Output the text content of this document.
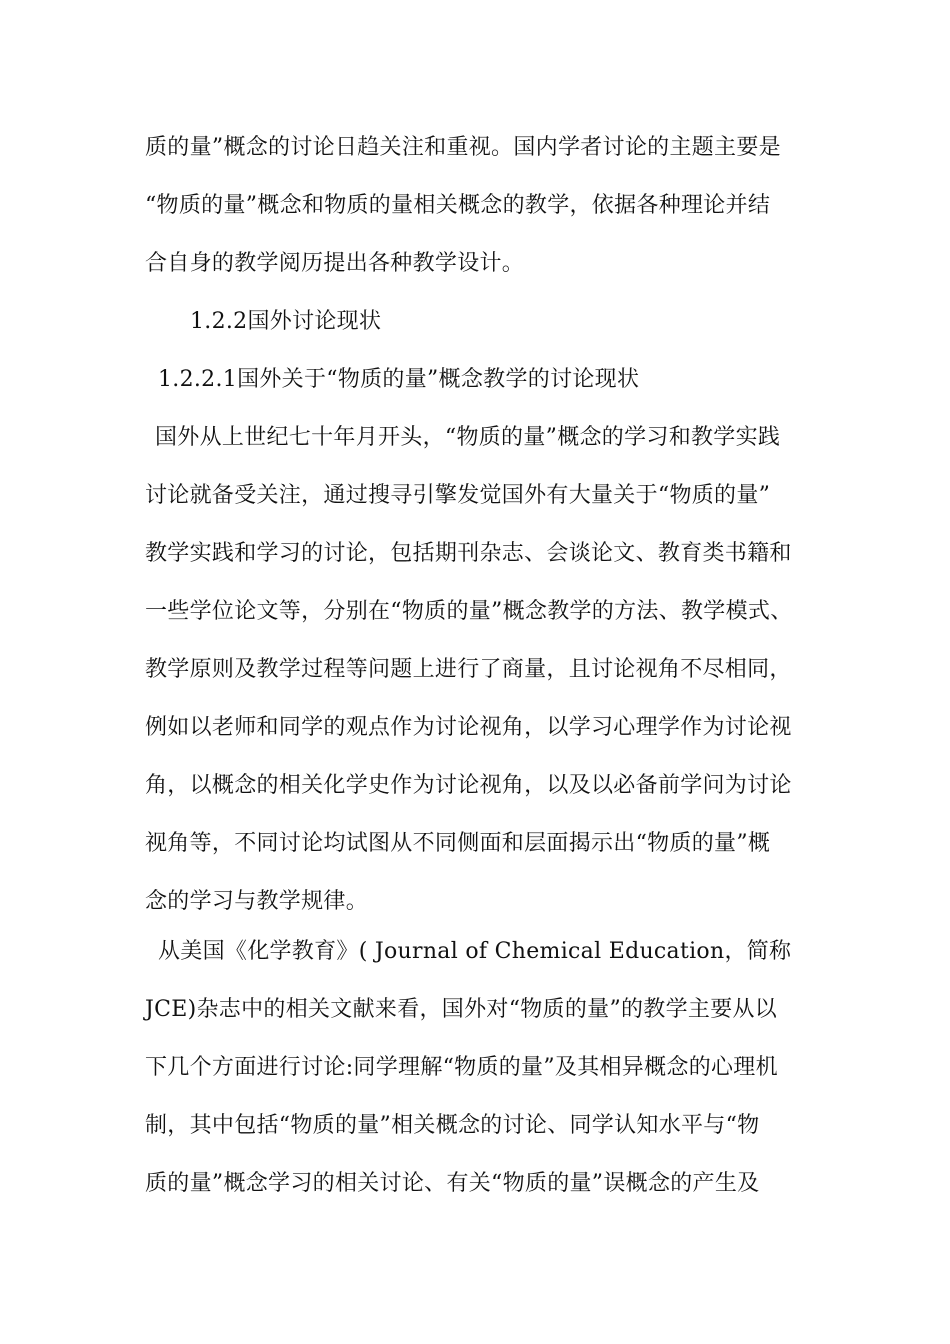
质的量”概念的讨论日趋关注和重视。国内学者讨论的主题主要是
“物质的量”概念和物质的量相关概念的教学，依据各种理论并结
合自身的教学阅历提出各种教学设计。
1.2.2国外讨论现状
1.2.2.1国外关于“物质的量”概念教学的讨论现状
国外从上世纪七十年月开头，“物质的量”概念的学习和教学实践
讨论就备受关注，通过搜寻引擎发觉国外有大量关于“物质的量”
教学实践和学习的讨论，包括期刊杂志、会谈论文、教育类书籍和
一些学位论文等，分别在“物质的量”概念教学的方法、教学模式、
教学原则及教学过程等问题上进行了商量，且讨论视角不尽相同，
例如以老师和同学的观点作为讨论视角，以学习心理学作为讨论视
角，以概念的相关化学史作为讨论视角，以及以必备前学问为讨论
视角等，不同讨论均试图从不同侧面和层面揭示出“物质的量”概
念的学习与教学规律。
从美国《化学教育》( Journal of Chemical Education，简称
JCE)杂志中的相关文献来看，国外对“物质的量”的教学主要从以
下几个方面进行讨论:同学理解“物质的量”及其相异概念的心理机
制，其中包括“物质的量”相关概念的讨论、同学认知水平与“物
质的量”概念学习的相关讨论、有关“物质的量”误概念的产生及
